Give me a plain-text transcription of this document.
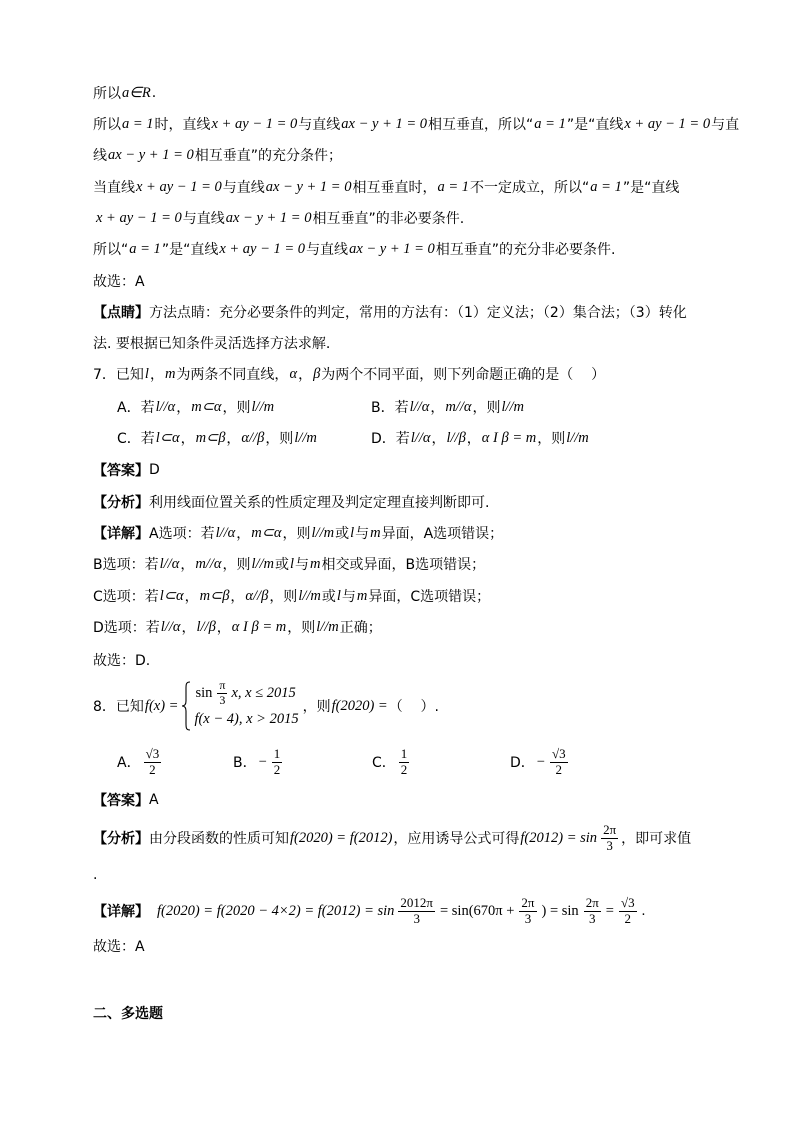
所以 a∈R .
所以 a = 1 时，直线 x + ay − 1 = 0 与直线 ax − y + 1 = 0 相互垂直，所以“ a = 1 ”是“直线 x + ay − 1 = 0 与直
线 ax − y + 1 = 0 相互垂直”的充分条件；
当直线 x + ay − 1 = 0 与直线 ax − y + 1 = 0 相互垂直时， a = 1 不一定成立，所以“ a = 1 ”是“直线
x + ay − 1 = 0 与直线 ax − y + 1 = 0 相互垂直”的非必要条件.
所以“ a = 1 ”是“直线 x + ay − 1 = 0 与直线 ax − y + 1 = 0 相互垂直”的充分非必要条件.
故选：A
【点睛】 方法点睛：充分必要条件的判定，常用的方法有：（1）定义法；（2）集合法；（3）转化
法. 要根据已知条件灵活选择方法求解.
7．已知 l ， m 为两条不同直线， α ， β 为两个不同平面，则下列命题正确的是（    ）
A．若 l//α ， m⊂α ，则 l//m	B．若 l//α ， m//α ，则 l//m
C．若 l⊂α ， m⊂β ， α//β ，则 l//m	D．若 l//α ， l//β ， α I β = m ，则 l//m
【答案】 D
【分析】 利用线面位置关系的性质定理及判定定理直接判断即可.
【详解】 A选项：若 l//α ， m⊂α ，则 l//m 或 l 与 m 异面，A选项错误；
B选项：若 l//α ， m//α ，则 l//m 或 l 与 m 相交或异面，B选项错误；
C选项：若 l⊂α ， m⊂β ， α//β ，则 l//m 或 l 与 m 异面，C选项错误；
D选项：若 l//α ， l//β ， α I β = m ，则 l//m 正确；
故选：D.
8．已知 f(x) =
$\sin \frac{\pi}{3} x$, x ≤ 2015
f(x − 4), x > 2015
，则 f(2020) = （    ）.
A． $\frac{√3}{2}$	B． − $\frac{1}{2}$	C． $\frac{1}{2}$	D． − $\frac{√3}{2}$
【答案】 A
【分析】 由分段函数的性质可知 f(2020) = f(2012) ，应用诱导公式可得 $f(2012) = \sin \frac{2\pi}{3}$ ，即可求值
.
【详解】 $f(2020) = f(2020 - 4\times 2) = f(2012) = \sin \frac{2012\pi}{3} = \sin(670\pi + \frac{2\pi}{3}$ ) = $\sin \frac{2\pi}{3} = \frac{√3}{2}$ .
故选：A
二、多选题
